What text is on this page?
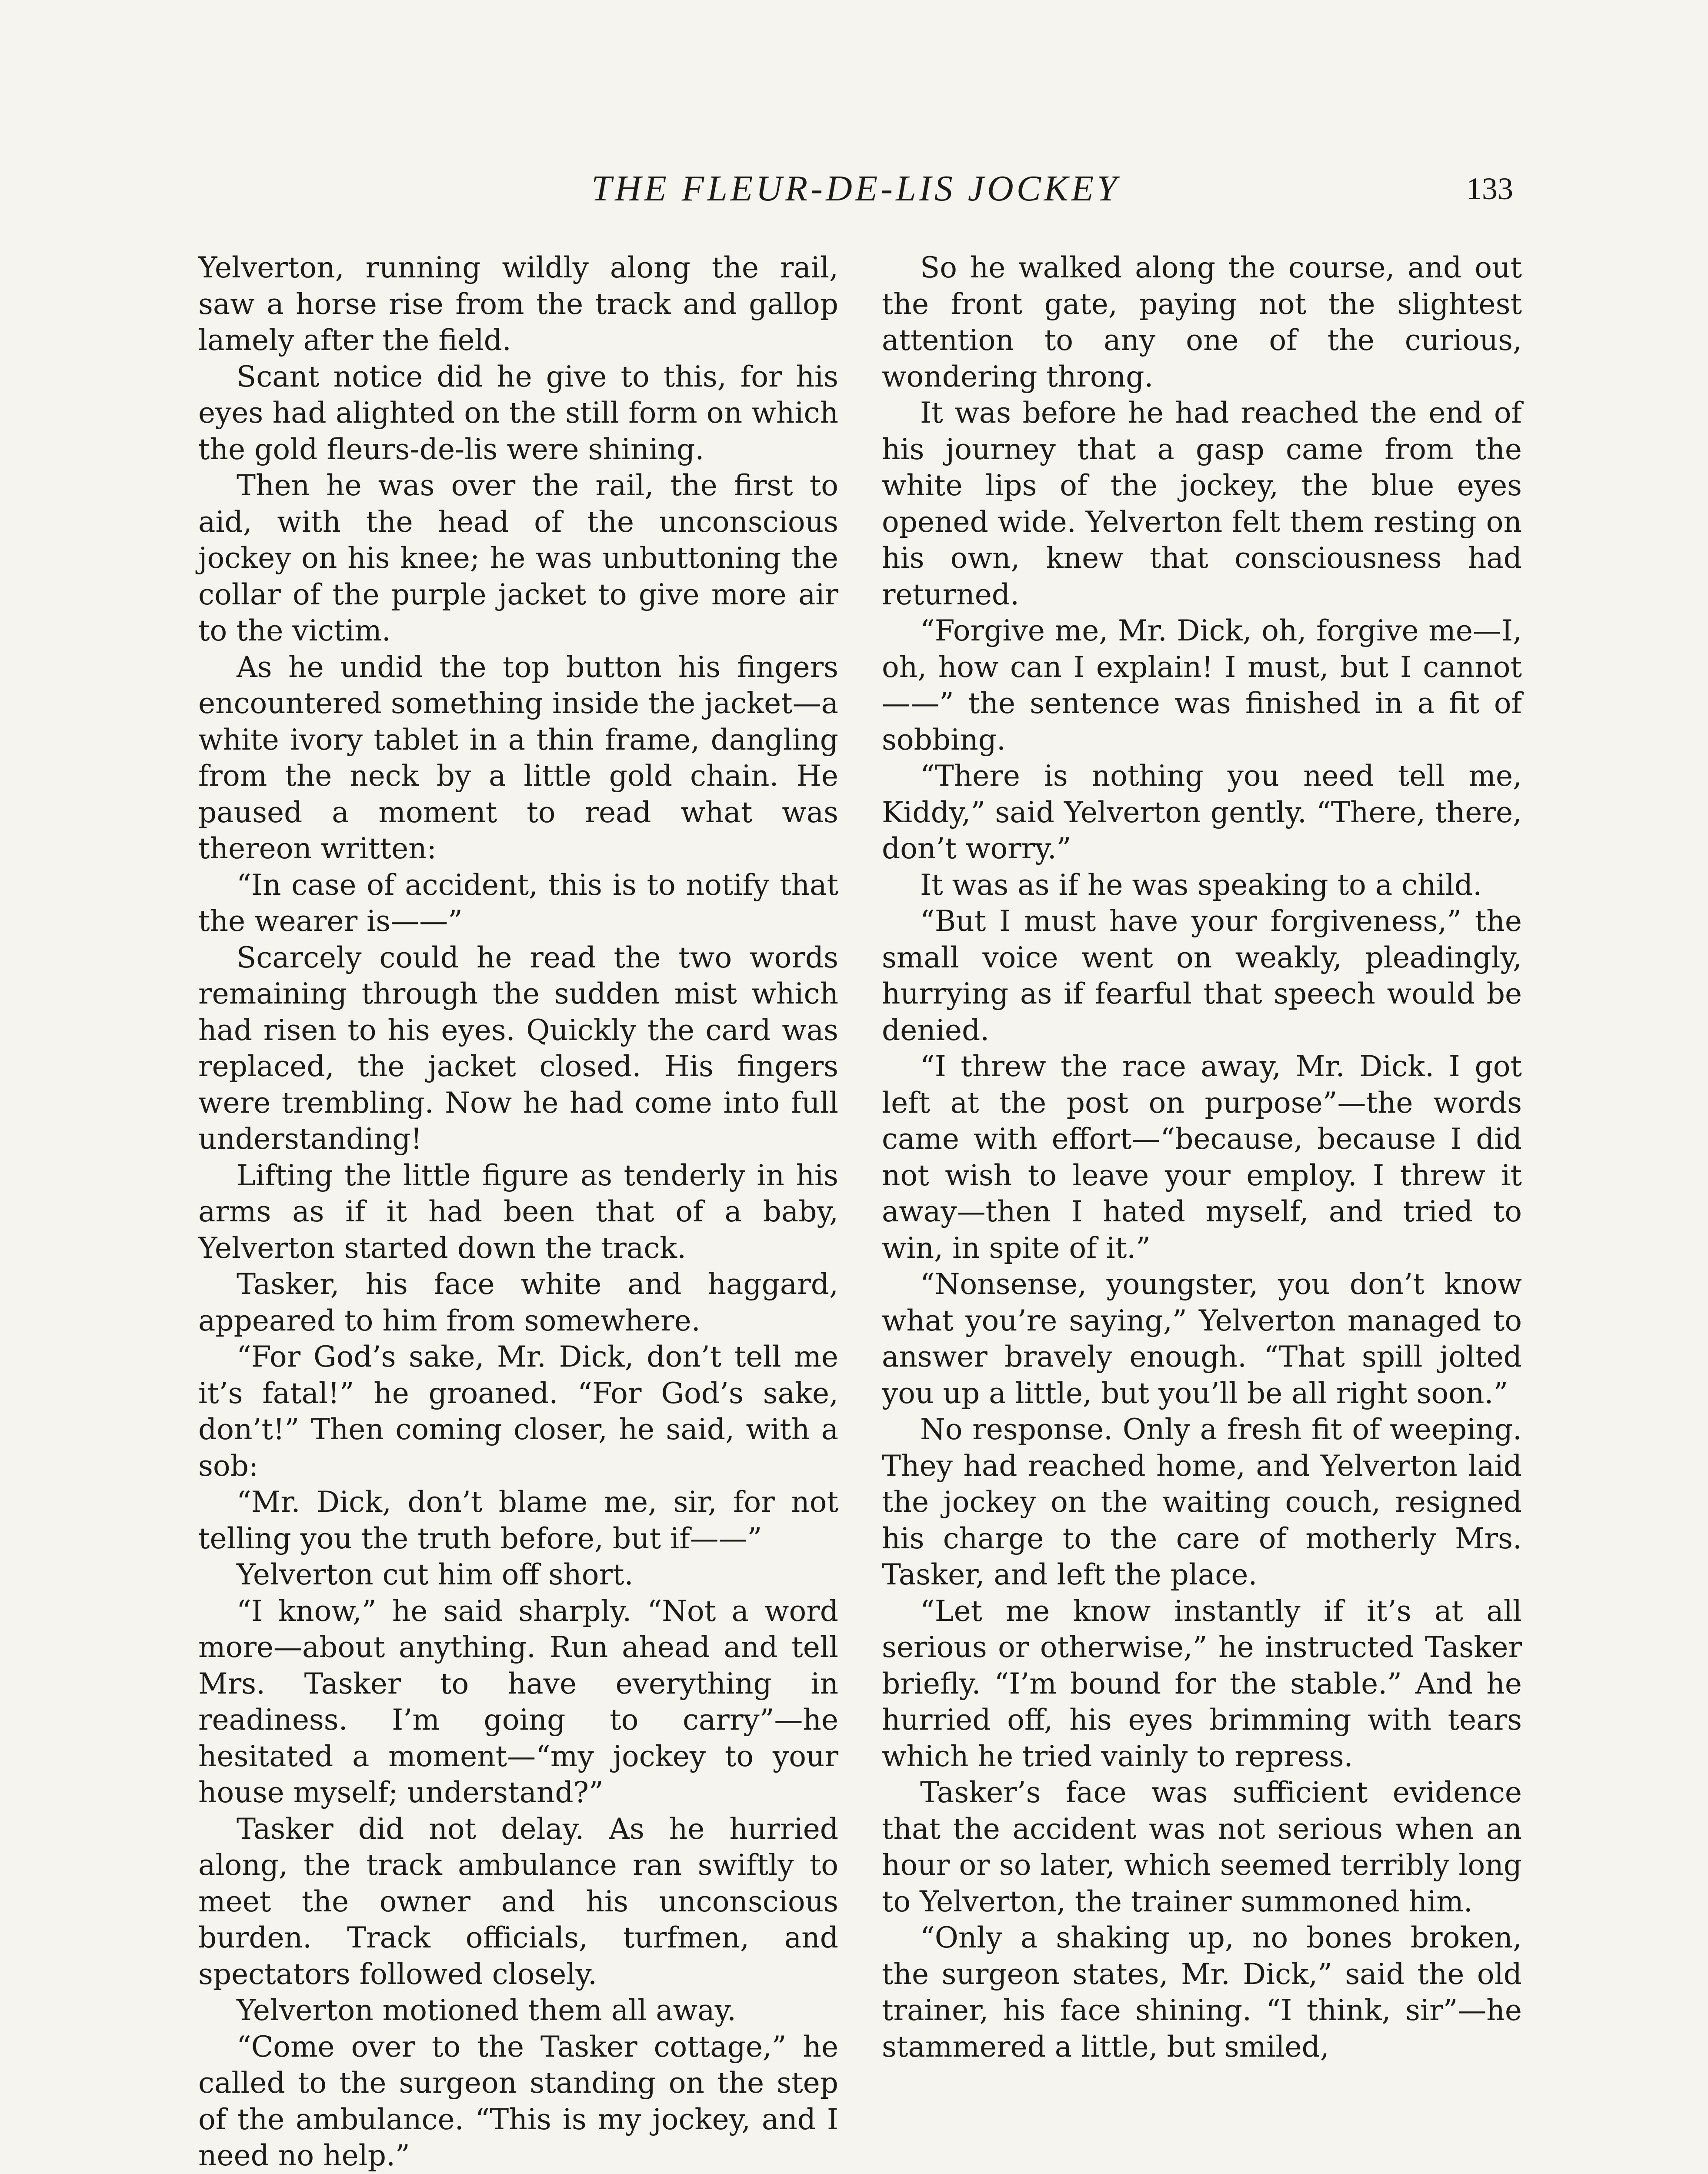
THE FLEUR-DE-LIS JOCKEY	133

Yelverton, running wildly along the rail, saw a horse rise from the track and gallop lamely after the field.

Scant notice did he give to this, for his eyes had alighted on the still form on which the gold fleurs-de-lis were shining.

Then he was over the rail, the first to aid, with the head of the unconscious jockey on his knee; he was unbuttoning the collar of the purple jacket to give more air to the victim.

As he undid the top button his fingers encountered something inside the jacket—a white ivory tablet in a thin frame, dangling from the neck by a little gold chain. He paused a moment to read what was thereon written:

“In case of accident, this is to notify that the wearer is——”

Scarcely could he read the two words remaining through the sudden mist which had risen to his eyes. Quickly the card was replaced, the jacket closed. His fingers were trembling. Now he had come into full understanding!

Lifting the little figure as tenderly in his arms as if it had been that of a baby, Yelverton started down the track.

Tasker, his face white and haggard, appeared to him from somewhere.

“For God’s sake, Mr. Dick, don’t tell me it’s fatal!” he groaned. “For God’s sake, don’t!” Then coming closer, he said, with a sob:

“Mr. Dick, don’t blame me, sir, for not telling you the truth before, but if——”

Yelverton cut him off short.

“I know,” he said sharply. “Not a word more—about anything. Run ahead and tell Mrs. Tasker to have everything in readiness. I’m going to carry”—he hesitated a moment—“my jockey to your house myself; understand?”

Tasker did not delay. As he hurried along, the track ambulance ran swiftly to meet the owner and his unconscious burden. Track officials, turfmen, and spectators followed closely.

Yelverton motioned them all away.

“Come over to the Tasker cottage,” he called to the surgeon standing on the step of the ambulance. “This is my jockey, and I need no help.”

So he walked along the course, and out the front gate, paying not the slightest attention to any one of the curious, wondering throng.

It was before he had reached the end of his journey that a gasp came from the white lips of the jockey, the blue eyes opened wide. Yelverton felt them resting on his own, knew that consciousness had returned.

“Forgive me, Mr. Dick, oh, forgive me—I, oh, how can I explain! I must, but I cannot——” the sentence was finished in a fit of sobbing.

“There is nothing you need tell me, Kiddy,” said Yelverton gently. “There, there, don’t worry.”

It was as if he was speaking to a child.

“But I must have your forgiveness,” the small voice went on weakly, pleadingly, hurrying as if fearful that speech would be denied.

“I threw the race away, Mr. Dick. I got left at the post on purpose”—the words came with effort—“because, because I did not wish to leave your employ. I threw it away—then I hated myself, and tried to win, in spite of it.”

“Nonsense, youngster, you don’t know what you’re saying,” Yelverton managed to answer bravely enough. “That spill jolted you up a little, but you’ll be all right soon.”

No response. Only a fresh fit of weeping. They had reached home, and Yelverton laid the jockey on the waiting couch, resigned his charge to the care of motherly Mrs. Tasker, and left the place.

“Let me know instantly if it’s at all serious or otherwise,” he instructed Tasker briefly. “I’m bound for the stable.” And he hurried off, his eyes brimming with tears which he tried vainly to repress.

Tasker’s face was sufficient evidence that the accident was not serious when an hour or so later, which seemed terribly long to Yelverton, the trainer summoned him.

“Only a shaking up, no bones broken, the surgeon states, Mr. Dick,” said the old trainer, his face shining. “I think, sir”—he stammered a little, but smiled,
